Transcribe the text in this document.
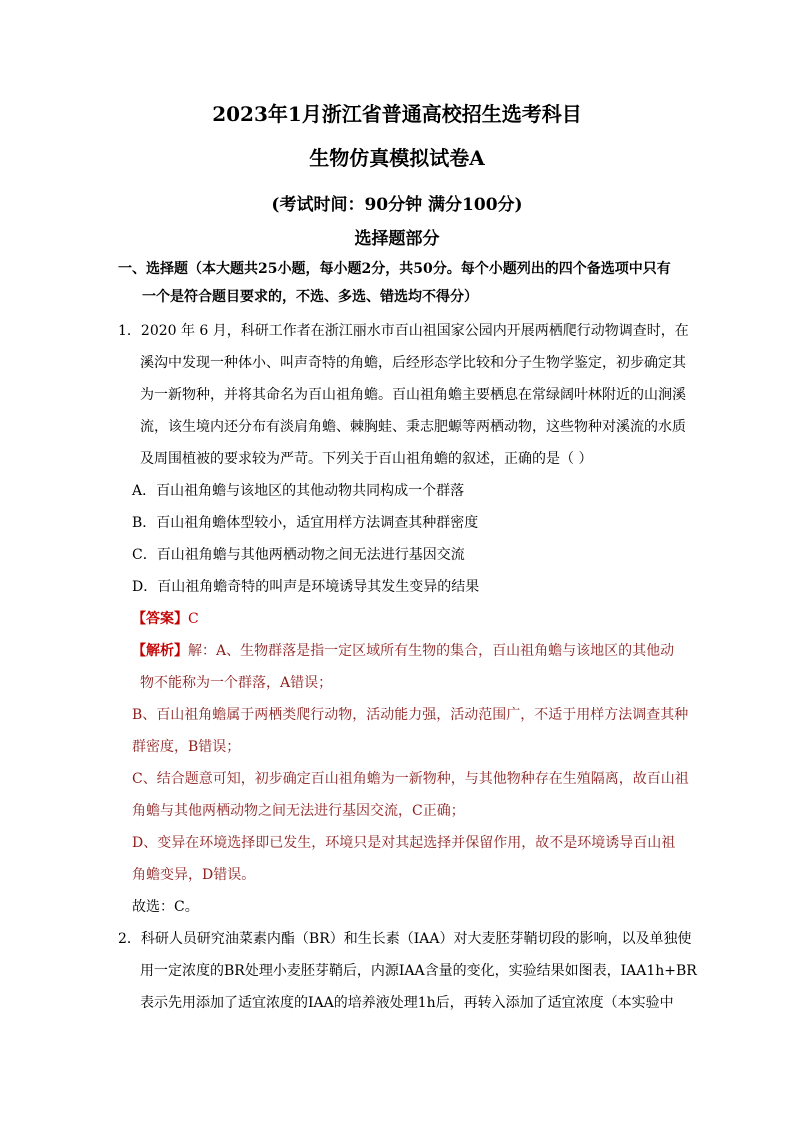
2023年1月浙江省普通高校招生选考科目
生物仿真模拟试卷A
(考试时间：90分钟 满分100分)
选择题部分
一、选择题（本大题共25小题，每小题2分，共50分。每个小题列出的四个备选项中只有
一个是符合题目要求的，不选、多选、错选均不得分）
1．2020 年 6 月，科研工作者在浙江丽水市百山祖国家公园内开展两栖爬行动物调查时，在
溪沟中发现一种体小、叫声奇特的角蟾，后经形态学比较和分子生物学鉴定，初步确定其
为一新物种，并将其命名为百山祖角蟾。百山祖角蟾主要栖息在常绿阔叶林附近的山涧溪
流，该生境内还分布有淡肩角蟾、棘胸蛙、秉志肥螈等两栖动物，这些物种对溪流的水质
及周围植被的要求较为严苛。下列关于百山祖角蟾的叙述，正确的是（ ）
A．百山祖角蟾与该地区的其他动物共同构成一个群落
B．百山祖角蟾体型较小，适宜用样方法调查其种群密度
C．百山祖角蟾与其他两栖动物之间无法进行基因交流
D．百山祖角蟾奇特的叫声是环境诱导其发生变异的结果
【答案】C
【解析】解：A、生物群落是指一定区域所有生物的集合，百山祖角蟾与该地区的其他动
物不能称为一个群落，A错误；
B、百山祖角蟾属于两栖类爬行动物，活动能力强，活动范围广，不适于用样方法调查其种
群密度，B错误；
C、结合题意可知，初步确定百山祖角蟾为一新物种，与其他物种存在生殖隔离，故百山祖
角蟾与其他两栖动物之间无法进行基因交流，C正确；
D、变异在环境选择即已发生，环境只是对其起选择并保留作用，故不是环境诱导百山祖
角蟾变异，D错误。
故选：C。
2．科研人员研究油菜素内酯（BR）和生长素（IAA）对大麦胚芽鞘切段的影响，以及单独使
用一定浓度的BR处理小麦胚芽鞘后，内源IAA含量的变化，实验结果如图表，IAA1h+BR
表示先用添加了适宜浓度的IAA的培养液处理1h后，再转入添加了适宜浓度（本实验中
